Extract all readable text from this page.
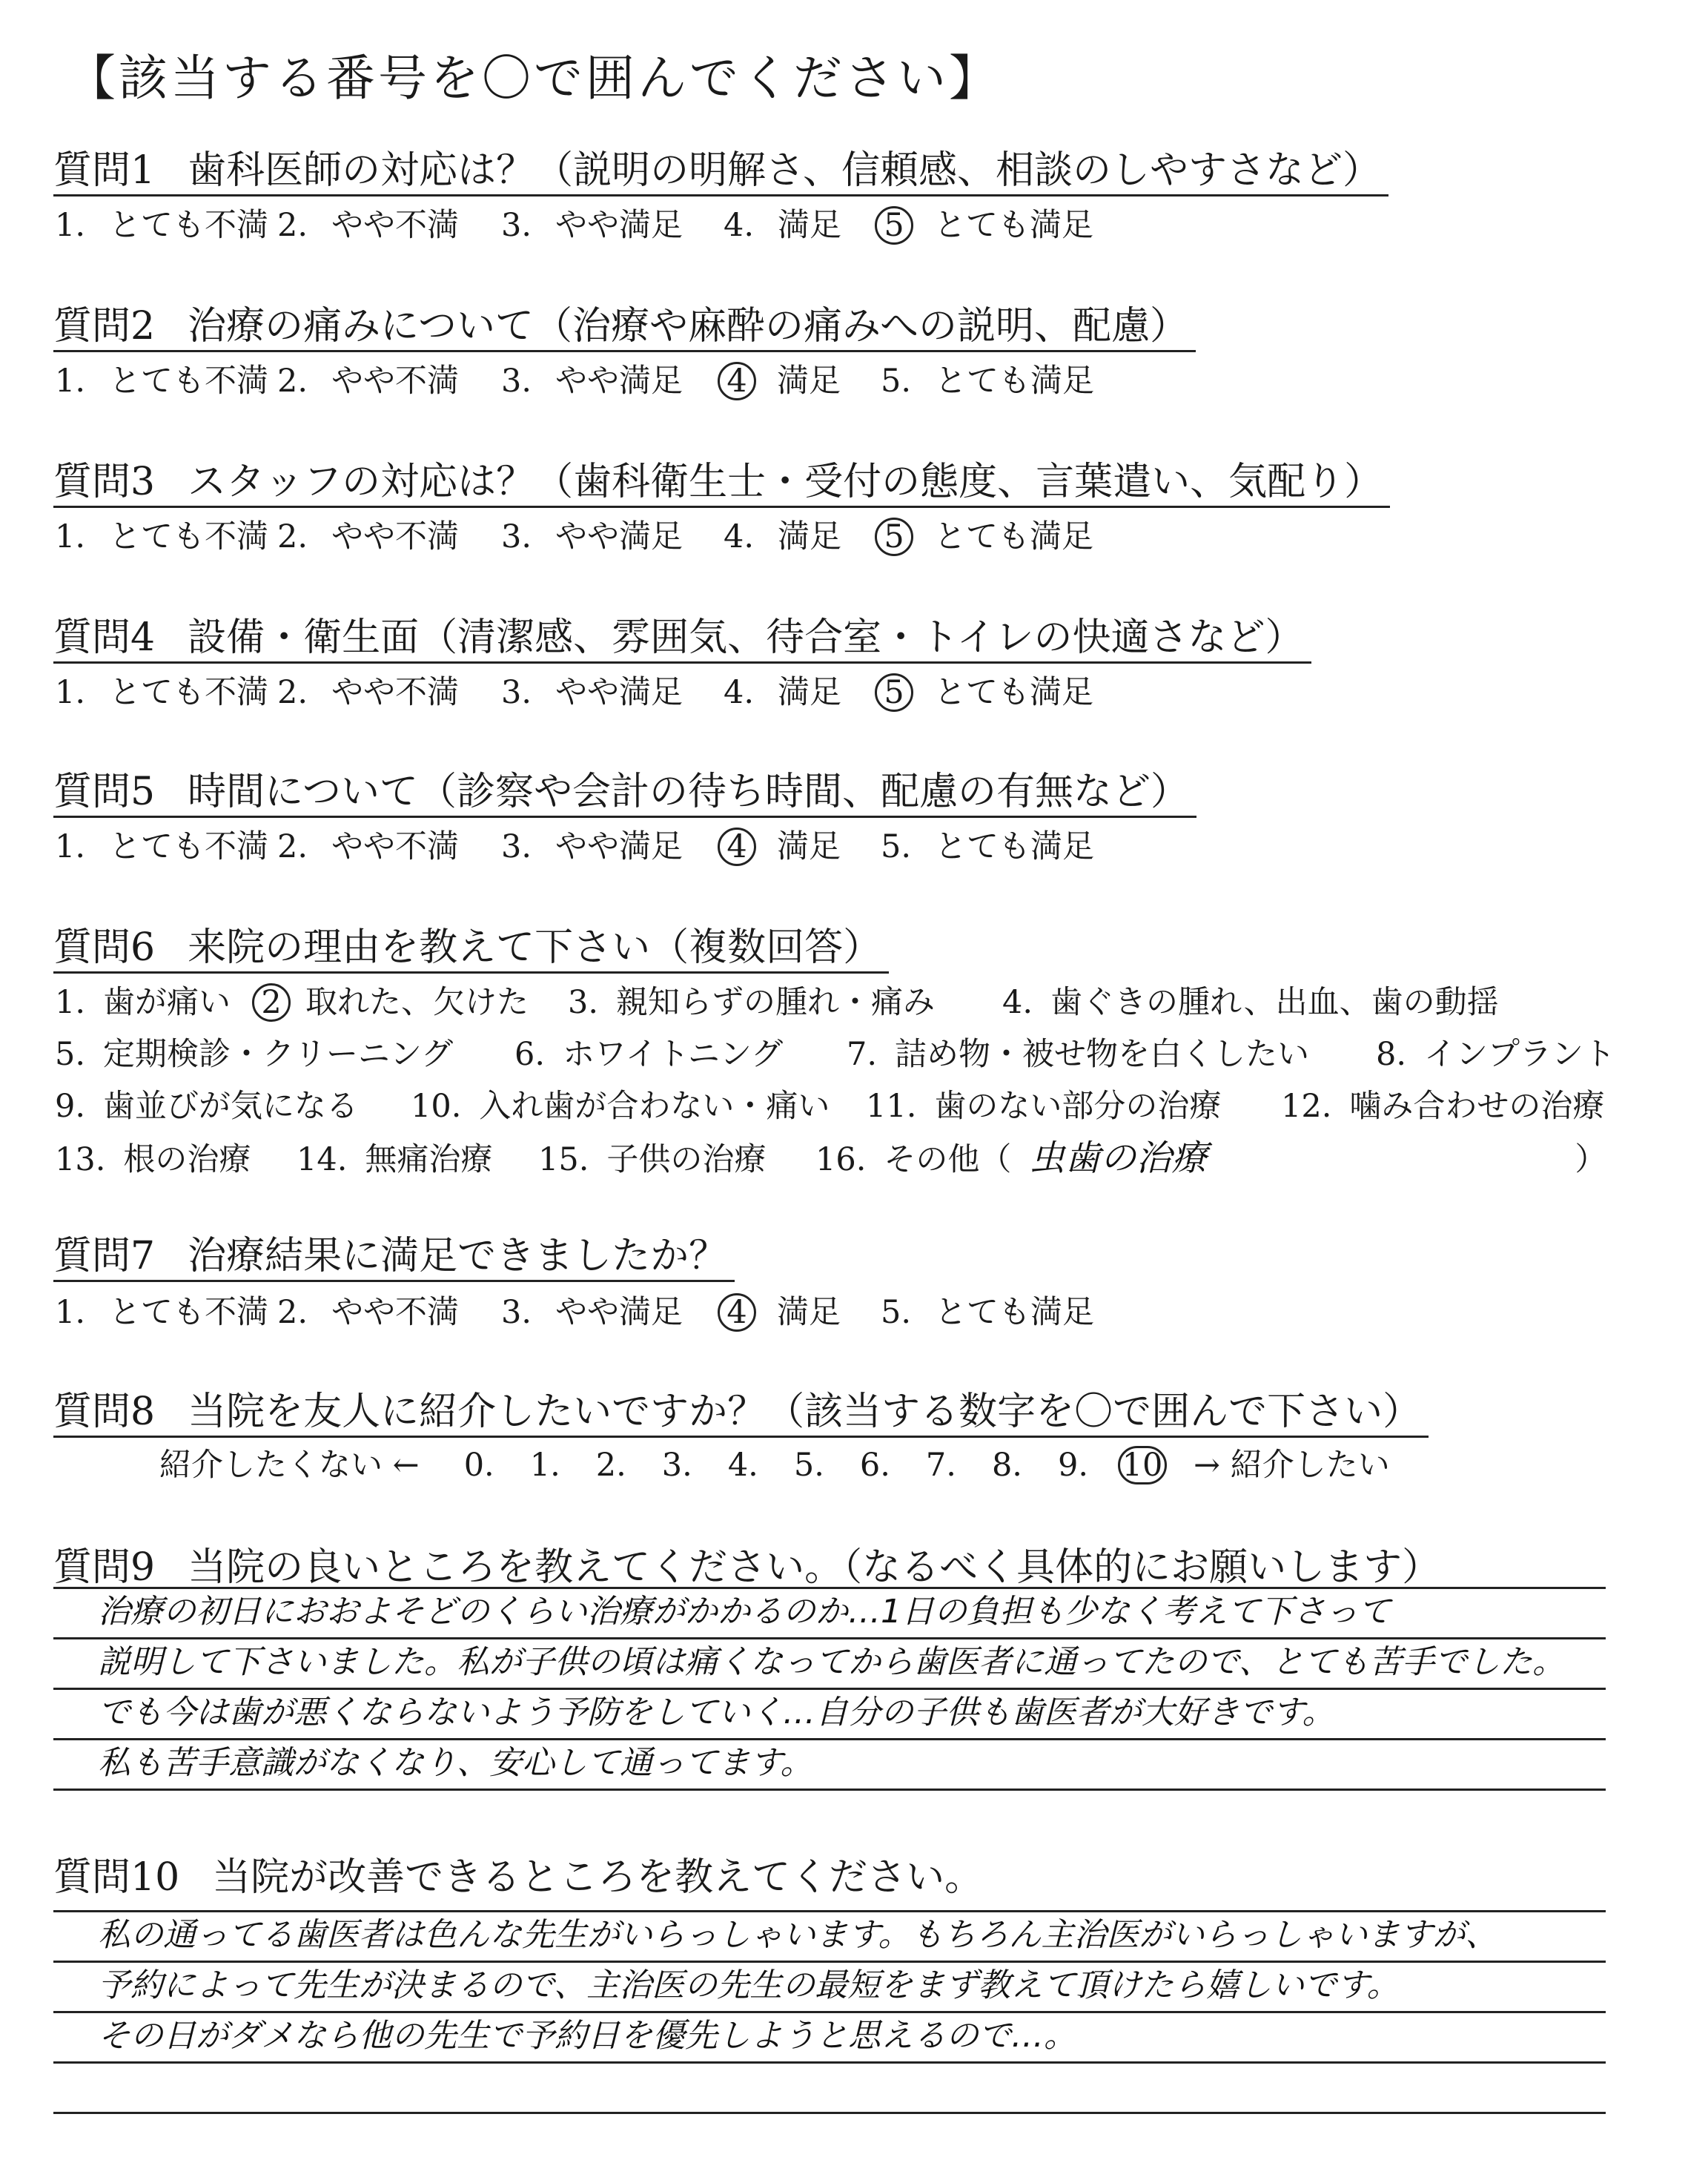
【該当する番号を〇で囲んでください】
質問1 歯科医師の対応は？（説明の明解さ、信頼感、相談のしやすさなど）
1. とても不満 2. やや不満 3. やや満足 4. 満足 5 とても満足
質問2 治療の痛みについて（治療や麻酔の痛みへの説明、配慮）
1. とても不満 2. やや不満 3. やや満足 4 満足 5. とても満足
質問3 スタッフの対応は？（歯科衛生士・受付の態度、言葉遣い、気配り）
1. とても不満 2. やや不満 3. やや満足 4. 満足 5 とても満足
質問4 設備・衛生面（清潔感、雰囲気、待合室・トイレの快適さなど）
1. とても不満 2. やや不満 3. やや満足 4. 満足 5 とても満足
質問5 時間について（診察や会計の待ち時間、配慮の有無など）
1. とても不満 2. やや不満 3. やや満足 4 満足 5. とても満足
質問6 来院の理由を教えて下さい（複数回答）
1. 歯が痛い 2 取れた、欠けた 3. 親知らずの腫れ・痛み 4. 歯ぐきの腫れ、出血、歯の動揺
5. 定期検診・クリーニング 6. ホワイトニング 7. 詰め物・被せ物を白くしたい 8. インプラント
9. 歯並びが気になる 10. 入れ歯が合わない・痛い 11. 歯のない部分の治療 12. 噛み合わせの治療
13. 根の治療 14. 無痛治療 15. 子供の治療 16. その他（ 虫歯の治療	）
質問7 治療結果に満足できましたか？
1. とても不満 2. やや不満 3. やや満足 4 満足 5. とても満足
質問8 当院を友人に紹介したいですか？（該当する数字を〇で囲んで下さい）
紹介したくない ← 0. 1. 2. 3. 4. 5. 6. 7. 8. 9. 10 → 紹介したい
質問9 当院の良いところを教えてください。（なるべく具体的にお願いします）
治療の初日におおよそどのくらい治療がかかるのか…1日の負担も少なく考えて下さって
説明して下さいました。私が子供の頃は痛くなってから歯医者に通ってたので、とても苦手でした。
でも今は歯が悪くならないよう予防をしていく…自分の子供も歯医者が大好きです。
私も苦手意識がなくなり、安心して通ってます。
質問10 当院が改善できるところを教えてください。
私の通ってる歯医者は色んな先生がいらっしゃいます。もちろん主治医がいらっしゃいますが、
予約によって先生が決まるので、主治医の先生の最短をまず教えて頂けたら嬉しいです。
その日がダメなら他の先生で予約日を優先しようと思えるので…。
